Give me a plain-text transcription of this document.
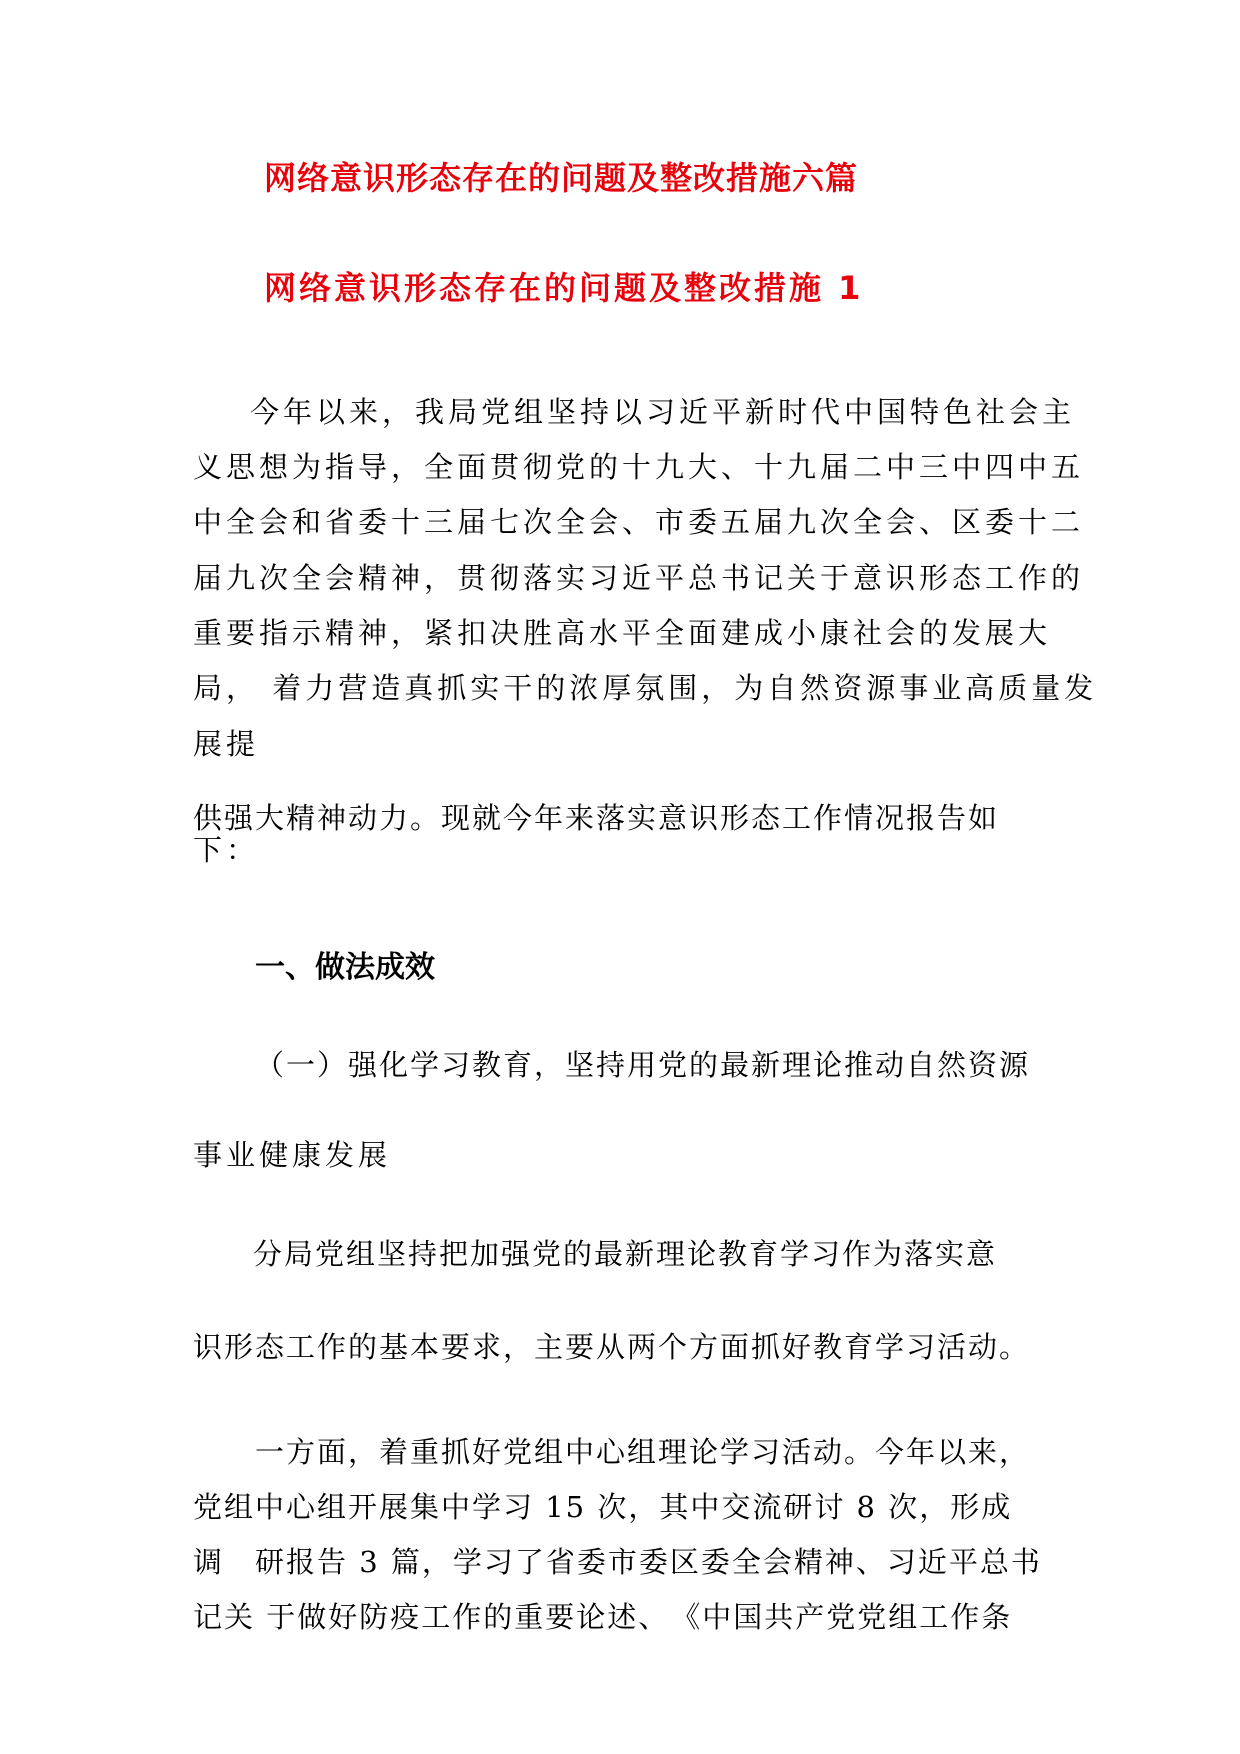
网络意识形态存在的问题及整改措施六篇
网络意识形态存在的问题及整改措施 1
今年以来，我局党组坚持以习近平新时代中国特色社会主
义思想为指导，全面贯彻党的十九大、十九届二中三中四中五
中全会和省委十三届七次全会、市委五届九次全会、区委十二
届九次全会精神，贯彻落实习近平总书记关于意识形态工作的
重要指示精神，紧扣决胜高水平全面建成小康社会的发展大
局， 着力营造真抓实干的浓厚氛围，为自然资源事业高质量发
展提
供强大精神动力。现就今年来落实意识形态工作情况报告如
下：
一、做法成效
（一）强化学习教育，坚持用党的最新理论推动自然资源
事业健康发展
分局党组坚持把加强党的最新理论教育学习作为落实意
识形态工作的基本要求，主要从两个方面抓好教育学习活动。
一方面，着重抓好党组中心组理论学习活动。今年以来，
党组中心组开展集中学习 15 次，其中交流研讨 8 次，形成
调　研报告 3 篇，学习了省委市委区委全会精神、习近平总书
记关 于做好防疫工作的重要论述、　《中国共产党党组工作条
